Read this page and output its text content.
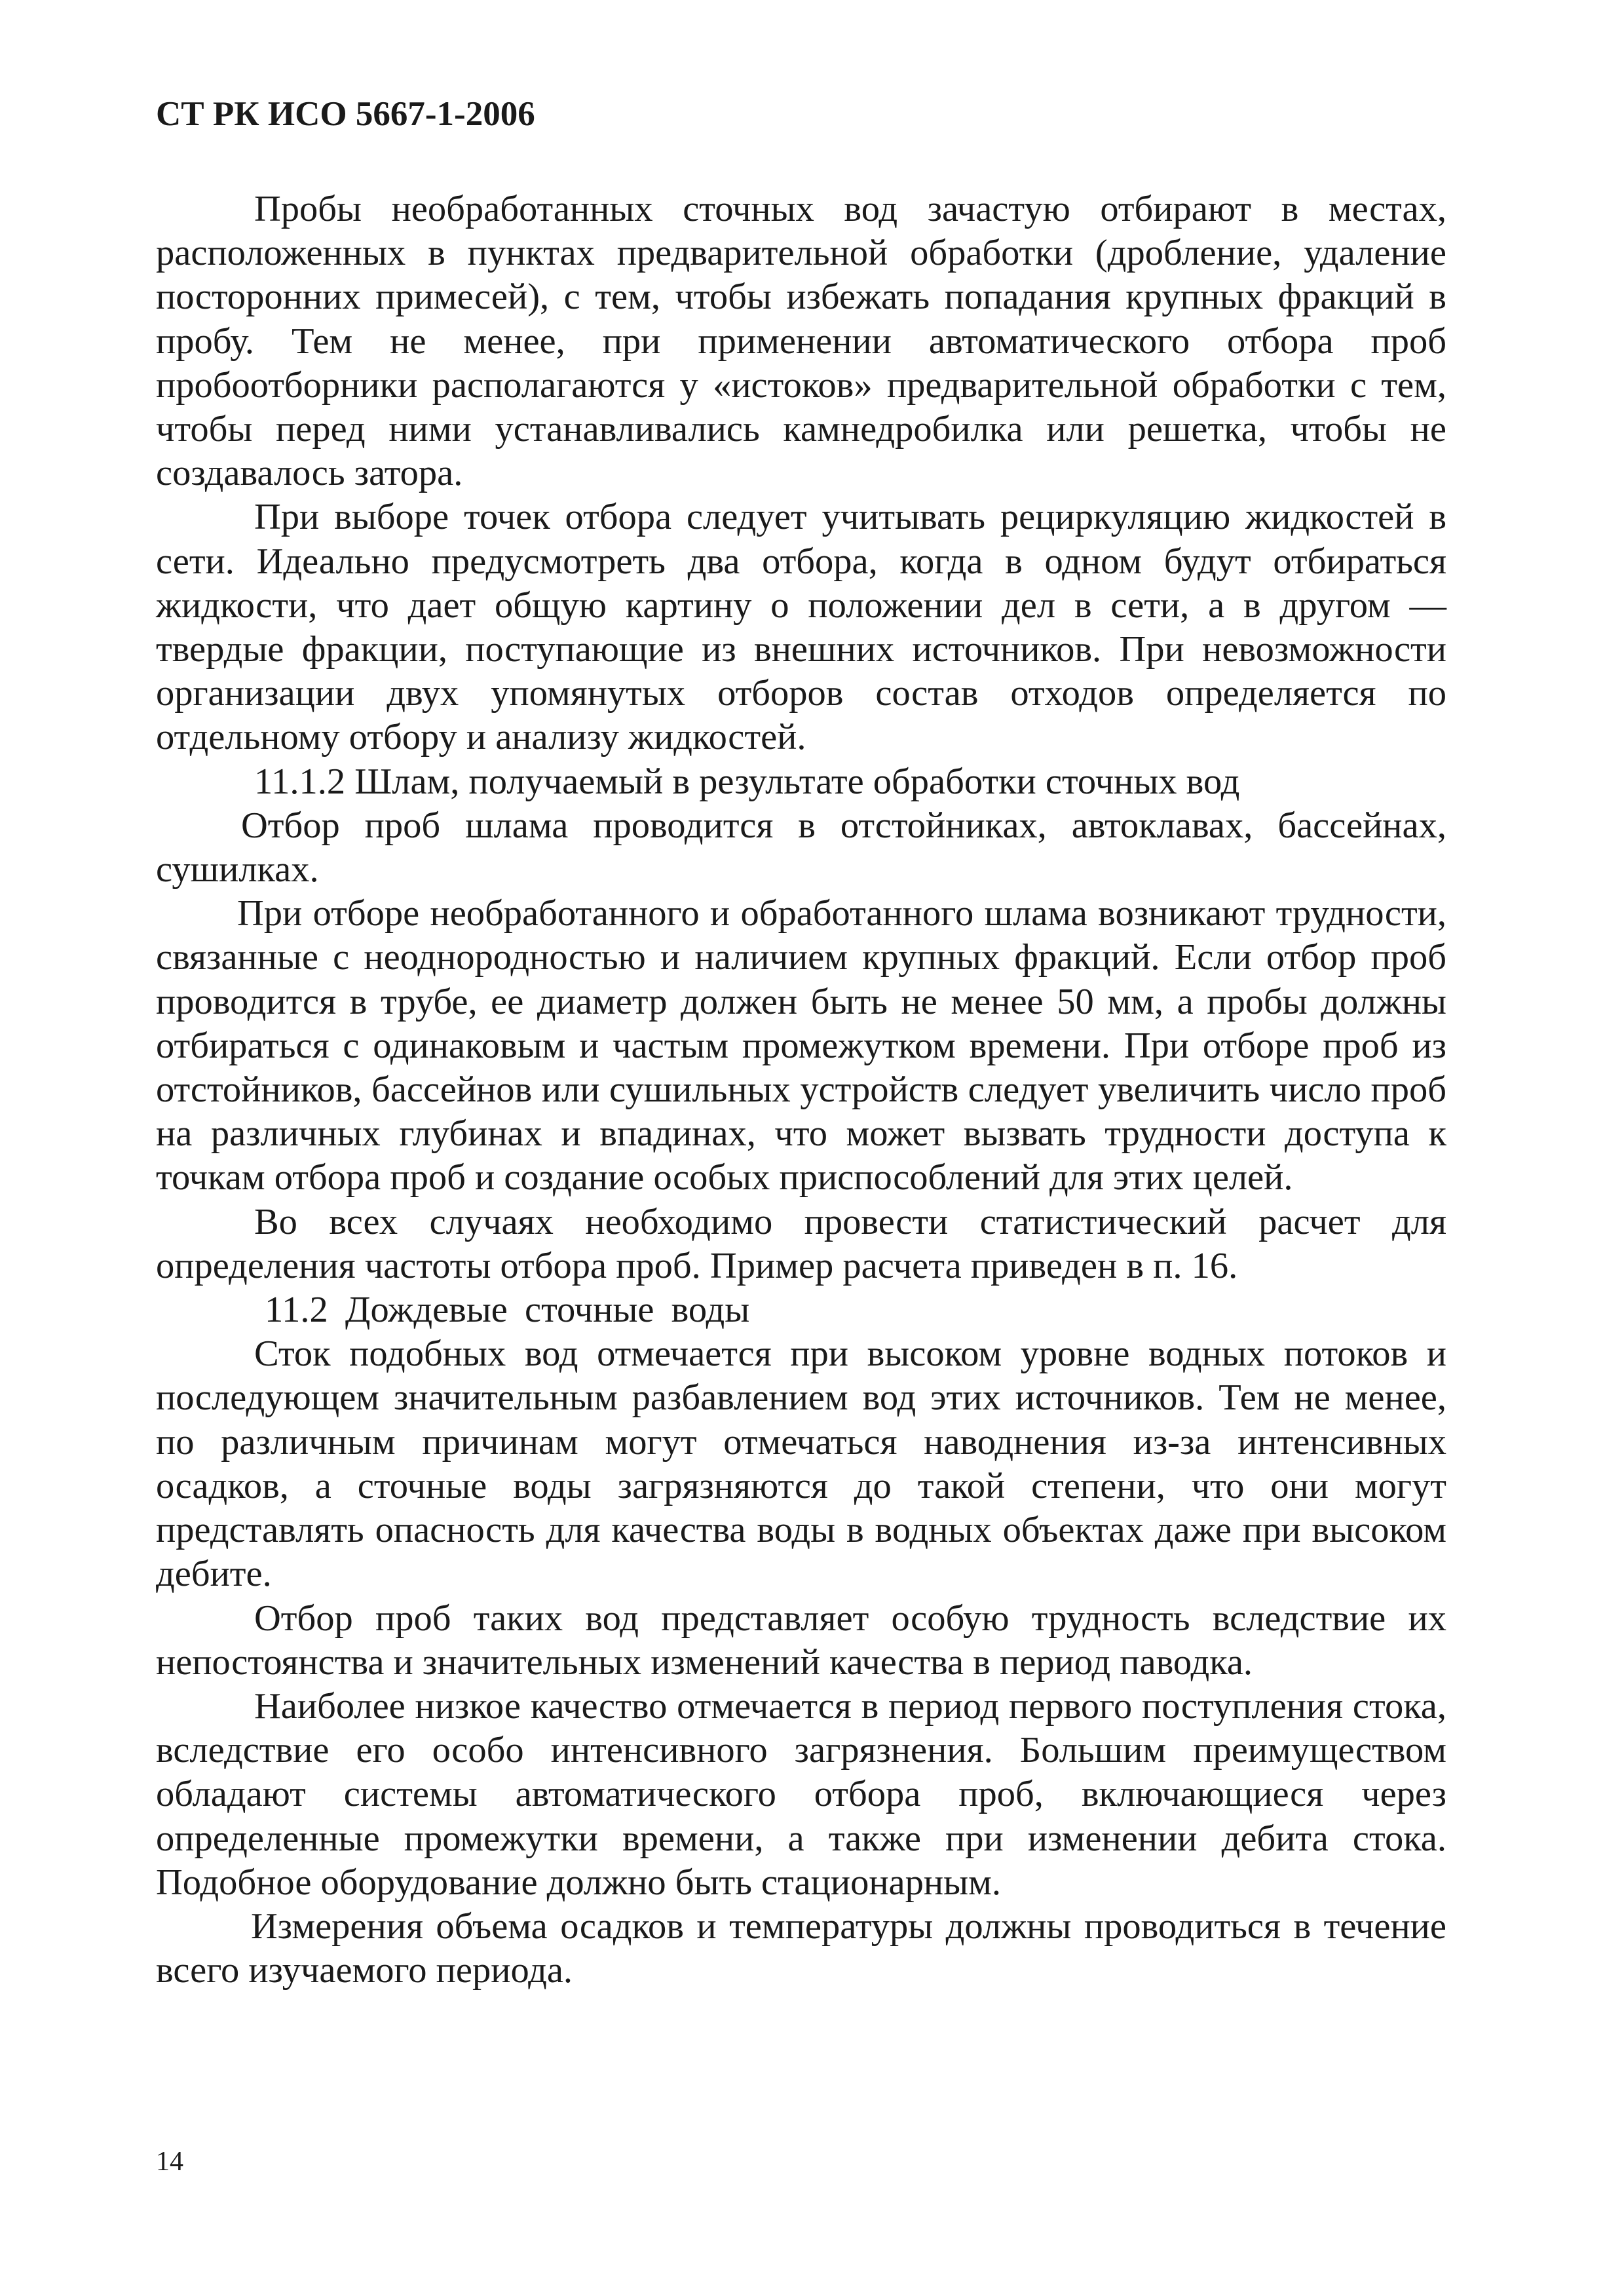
СТ РК ИСО 5667-1-2006

Пробы необработанных сточных вод зачастую отбирают в местах, расположенных в пунктах предварительной обработки (дробление, удаление посторонних примесей), с тем, чтобы избежать попадания крупных фракций в пробу. Тем не менее, при применении автоматического отбора проб пробоотборники располагаются у «истоков» предварительной обработки с тем, чтобы перед ними устанавливались камнедробилка или решетка, чтобы не создавалось затора.

При выборе точек отбора следует учитывать рециркуляцию жидкостей в сети. Идеально предусмотреть два отбора, когда в одном будут отбираться жидкости, что дает общую картину о положении дел в сети, а в другом — твердые фракции, поступающие из внешних источников. При невозможности организации двух упомянутых отборов состав отходов определяется по отдельному отбору и анализу жидкостей.

11.1.2 Шлам, получаемый в результате обработки сточных вод

Отбор проб шлама проводится в отстойниках, автоклавах, бассейнах, сушилках.

При отборе необработанного и обработанного шлама возникают трудности, связанные с неоднородностью и наличием крупных фракций. Если отбор проб проводится в трубе, ее диаметр должен быть не менее 50 мм, а пробы должны отбираться с одинаковым и частым промежутком времени. При отборе проб из отстойников, бассейнов или сушильных устройств следует увеличить число проб на различных глубинах и впадинах, что может вызвать трудности доступа к точкам отбора проб и создание особых приспособлений для этих целей.

Во всех случаях необходимо провести статистический расчет для определения частоты отбора проб. Пример расчета приведен в п. 16.

11.2 Дождевые сточные воды

Сток подобных вод отмечается при высоком уровне водных потоков и последующем значительным разбавлением вод этих источников. Тем не менее, по различным причинам могут отмечаться наводнения из-за интенсивных осадков, а сточные воды загрязняются до такой степени, что они могут представлять опасность для качества воды в водных объектах даже при высоком дебите.

Отбор проб таких вод представляет особую трудность вследствие их непостоянства и значительных изменений качества в период паводка.

Наиболее низкое качество отмечается в период первого поступления стока, вследствие его особо интенсивного загрязнения. Большим преимуществом обладают системы автоматического отбора проб, включающиеся через определенные промежутки времени, а также при изменении дебита стока. Подобное оборудование должно быть стационарным.

Измерения объема осадков и температуры должны проводиться в течение всего изучаемого периода.

14
